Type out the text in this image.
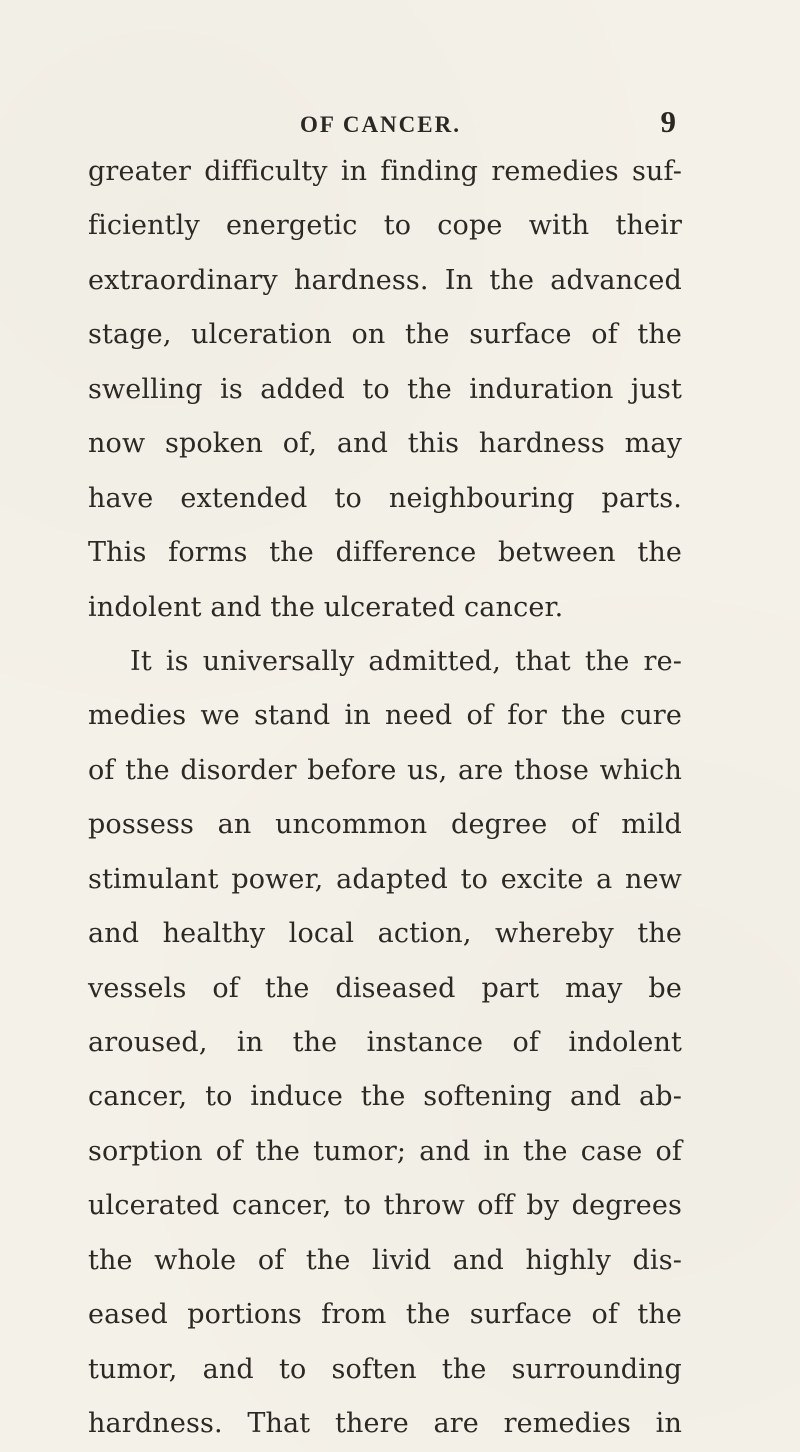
OF CANCER.	9
greater difficulty in finding remedies suf-
ficiently energetic to cope with their
extraordinary hardness. In the advanced
stage, ulceration on the surface of the
swelling is added to the induration just
now spoken of, and this hardness may
have extended to neighbouring parts.
This forms the difference between the
indolent and the ulcerated cancer.
It is universally admitted, that the re-
medies we stand in need of for the cure
of the disorder before us, are those which
possess an uncommon degree of mild
stimulant power, adapted to excite a new
and healthy local action, whereby the
vessels of the diseased part may be
aroused, in the instance of indolent
cancer, to induce the softening and ab-
sorption of the tumor; and in the case of
ulcerated cancer, to throw off by degrees
the whole of the livid and highly dis-
eased portions from the surface of the
tumor, and to soften the surrounding
hardness. That there are remedies in
